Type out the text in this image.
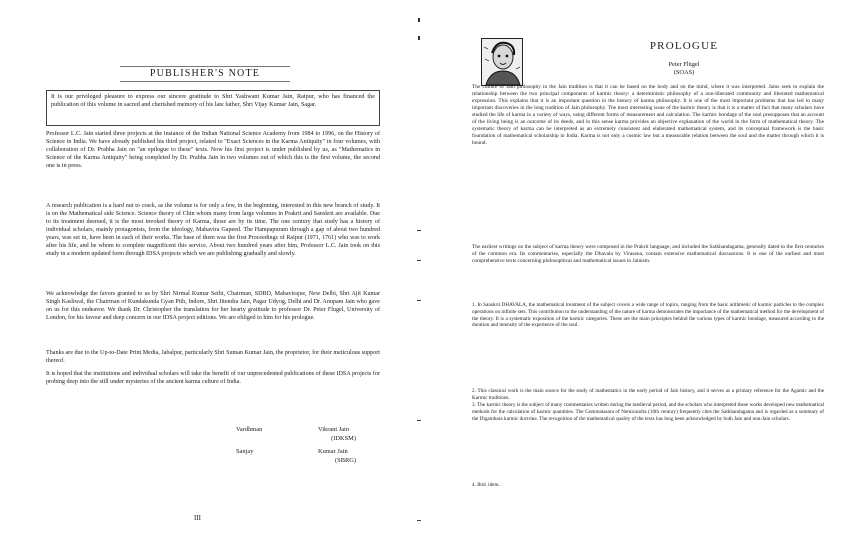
PUBLISHER'S NOTE
It is our privileged pleasure to express our sincere gratitude to Shri Yashwant Kumar Jain, Raipur, who has financed the publication of this volume in sacred and cherished memory of his late father, Shri Vijay Kumar Jain, Sagar.
Professor L.C. Jain started three projects at the instance of the Indian National Science Academy from 1984 to 1996, on the History of Science in India. We have already published his third project, related to "Exact Sciences in the Karma Antiquity" in four volumes, with collaboration of Dr. Prabha Jain on "an epilogue to these" texts. Now his first project is under published by us, as "Mathematics in Science of the Karma Antiquity" being completed by Dr. Prabha Jain in two volumes out of which this is the first volume, the second one is in press.
A research publication is a hard nut to crack, as the volume is for only a few, in the beginning, interested in this new branch of study. It is on the Mathematical side Science. Science theory of Chin whom many from large volumes in Prakrit and Sanskrit are available. Due to its treatment deemed, it is the most invoked theory of Karma, those are by its time. The one century that study has a history of individual scholars, mainly protagonists, from the ideology, Mahavira Gapeed. The Hampapuram through a gap of about two hundred years, was set in, have been in each of their works. The base of them was the first Proceedings of Raipur (1971, 1761) who was to work after his life, and he whom to complete magnificent this service. About two hundred years after him, Professor L.C. Jain took on this study in a modern updated form through IDSA projects which we are publishing gradually and slowly.
We acknowledge the favors granted to us by Shri Nirmal Kumar Sethi, Chairman, SDBD, Mahavirajee, New Delhi, Shri Ajit Kumar Singh Kasliwal, the Chairman of Kundakunda Gyan Pith, Indore, Shri Jitendra Jain, Pagar Udyog, Delhi and Dr. Anupam Jain who gave on us for this endeavor. We thank Dr. Christopher the translation for her hearty gratitude to professor Dr. Peter Flugel, University of London, for his favour and deep concern in our IDSA project editions. We are obliged to him for his prologue.
Thanks are due to the Up-to-Date Print Media, Jabalpur, particularly Shri Suman Kumar Jain, the proprietor, for their meticulous support thereof.
It is hoped that the institutions and individual scholars will take the benefit of our unprecedented publications of these IDSA projects for probing deep into the still under mysteries of the ancient karma culture of India.
Vardhman	Vikrant Jain
(IDKSM)
Sanjay	Kumar Jain
(SBRG)
III
PROLOGUE
Peter Flügel
(SOAS)
The culture of Jain philosophy in the Jain tradition is that it can be based on the body and on the mind, where it was interpreted. Jains seek to explain the relationship between the two principal components of karmic theory: a deterministic philosophy of a non-liberated community and liberated mathematical expression. This explains that it is an important question in the history of karma philosophy. It is one of the most important problems that has led to many important discoveries in the long tradition of Jain philosophy. The most interesting issue of the karmic theory is that it is a matter of fact that many scholars have studied the life of karma in a variety of ways, using different forms of measurement and calculation. The karmic bondage of the soul presupposes that an account of the living being is an outcome of its deeds, and in this sense karma provides an objective explanation of the world in the form of mathematical theory. The systematic theory of karma can be interpreted as an extremely consistent and elaborated mathematical system, and its conceptual framework is the basic foundation of mathematical scholarship in India. Karma is not only a cosmic law but a measurable relation between the soul and the matter through which it is bound.
The earliest writings on the subject of karma theory were composed in the Prakrit language, and included the Satkhandagama, generally dated to the first centuries of the common era. Its commentaries, especially the Dhavala by Virasena, contain extensive mathematical discussions. It is one of the earliest and most comprehensive texts concerning philosophical and mathematical issues in Jainism.
1. In Sanskrit DHAVALA, the mathematical treatment of the subject covers a wide range of topics, ranging from the basic arithmetic of karmic particles to the complex operations on infinite sets. This contribution to the understanding of the nature of karma demonstrates the importance of the mathematical method for the development of the theory. It is a systematic exposition of the karmic categories. These are the main principles behind the various types of karmic bondage, measured according to the duration and intensity of the experience of the soul.
2. This classical work is the main source for the study of mathematics in the early period of Jain history, and it serves as a primary reference for the Agamic and the Karmic traditions.
3. The karmic theory is the subject of many commentaries written during the medieval period, and the scholars who interpreted these works developed new mathematical methods for the calculation of karmic quantities. The Gommatasara of Nemicandra (10th century) frequently cites the Satkhandagama and is regarded as a summary of the Digambara karmic doctrine. The recognition of the mathematical quality of the texts has long been acknowledged by both Jain and non-Jain scholars.
4. Ibid. idem.
